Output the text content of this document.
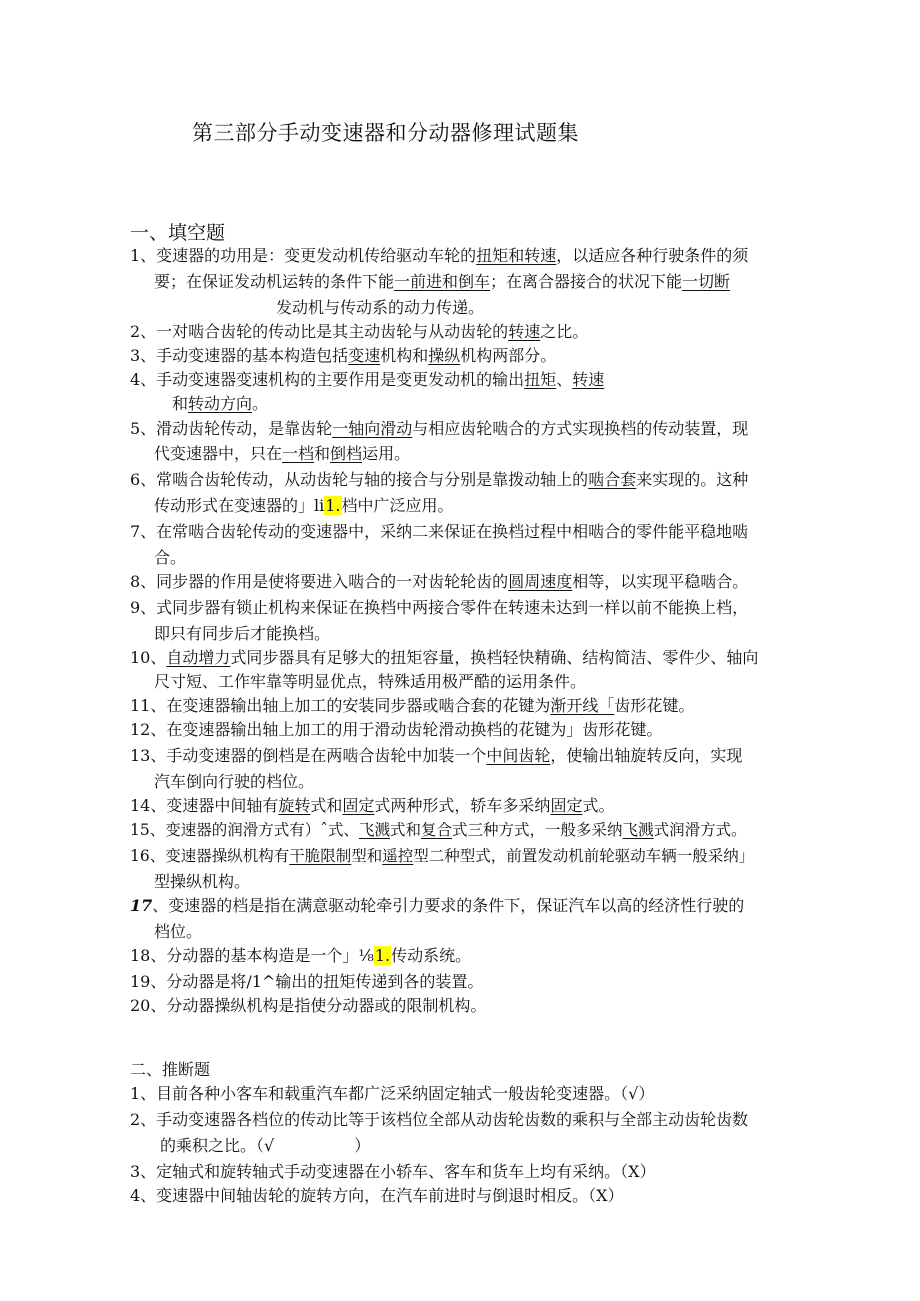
第三部分手动变速器和分动器修理试题集
一、填空题
1、变速器的功用是：变更发动机传给驱动车轮的扭矩和转速，以适应各种行驶条件的须
要；在保证发动机运转的条件下能一前进和倒车；在离合器接合的状况下能一切断
发动机与传动系的动力传递。
2、一对啮合齿轮的传动比是其主动齿轮与从动齿轮的转速之比。
3、手动变速器的基本构造包括变速机构和操纵机构两部分。
4、手动变速器变速机构的主要作用是变更发动机的输出扭矩、转速
和转动方向。
5、滑动齿轮传动，是靠齿轮一轴向滑动与相应齿轮啮合的方式实现换档的传动装置，现
代变速器中，只在一档和倒档运用。
6、常啮合齿轮传动，从动齿轮与轴的接合与分别是靠拨动轴上的啮合套来实现的。这种
传动形式在变速器的」li1.档中广泛应用。
7、在常啮合齿轮传动的变速器中，采纳二来保证在换档过程中相啮合的零件能平稳地啮
合。
8、同步器的作用是使将要进入啮合的一对齿轮轮齿的圆周速度相等，以实现平稳啮合。
9、式同步器有锁止机构来保证在换档中两接合零件在转速未达到一样以前不能换上档，
即只有同步后才能换档。
10、自动增力式同步器具有足够大的扭矩容量，换档轻快精确、结构简洁、零件少、轴向
尺寸短、工作牢靠等明显优点，特殊适用极严酷的运用条件。
11、在变速器输出轴上加工的安装同步器或啮合套的花键为渐开线「齿形花键。
12、在变速器输出轴上加工的用于滑动齿轮滑动换档的花键为」齿形花键。
13、手动变速器的倒档是在两啮合齿轮中加装一个中间齿轮，使输出轴旋转反向，实现
汽车倒向行驶的档位。
14、变速器中间轴有旋转式和固定式两种形式，轿车多采纳固定式。
15、变速器的润滑方式有）ˆ式、飞溅式和复合式三种方式，一般多采纳飞溅式润滑方式。
16、变速器操纵机构有干脆限制型和遥控型二种型式，前置发动机前轮驱动车辆一般采纳」
型操纵机构。
17、变速器的档是指在满意驱动轮牵引力要求的条件下，保证汽车以高的经济性行驶的
档位。
18、分动器的基本构造是一个」⅛1.传动系统。
19、分动器是将/1^输出的扭矩传递到各的装置。
20、分动器操纵机构是指使分动器或的限制机构。
二、推断题
1、目前各种小客车和载重汽车都广泛采纳固定轴式一般齿轮变速器。（√）
2、手动变速器各档位的传动比等于该档位全部从动齿轮齿数的乘积与全部主动齿轮齿数
的乘积之比。（√	）
3、定轴式和旋转轴式手动变速器在小轿车、客车和货车上均有采纳。（X）
4、变速器中间轴齿轮的旋转方向，在汽车前进时与倒退时相反。（X）
